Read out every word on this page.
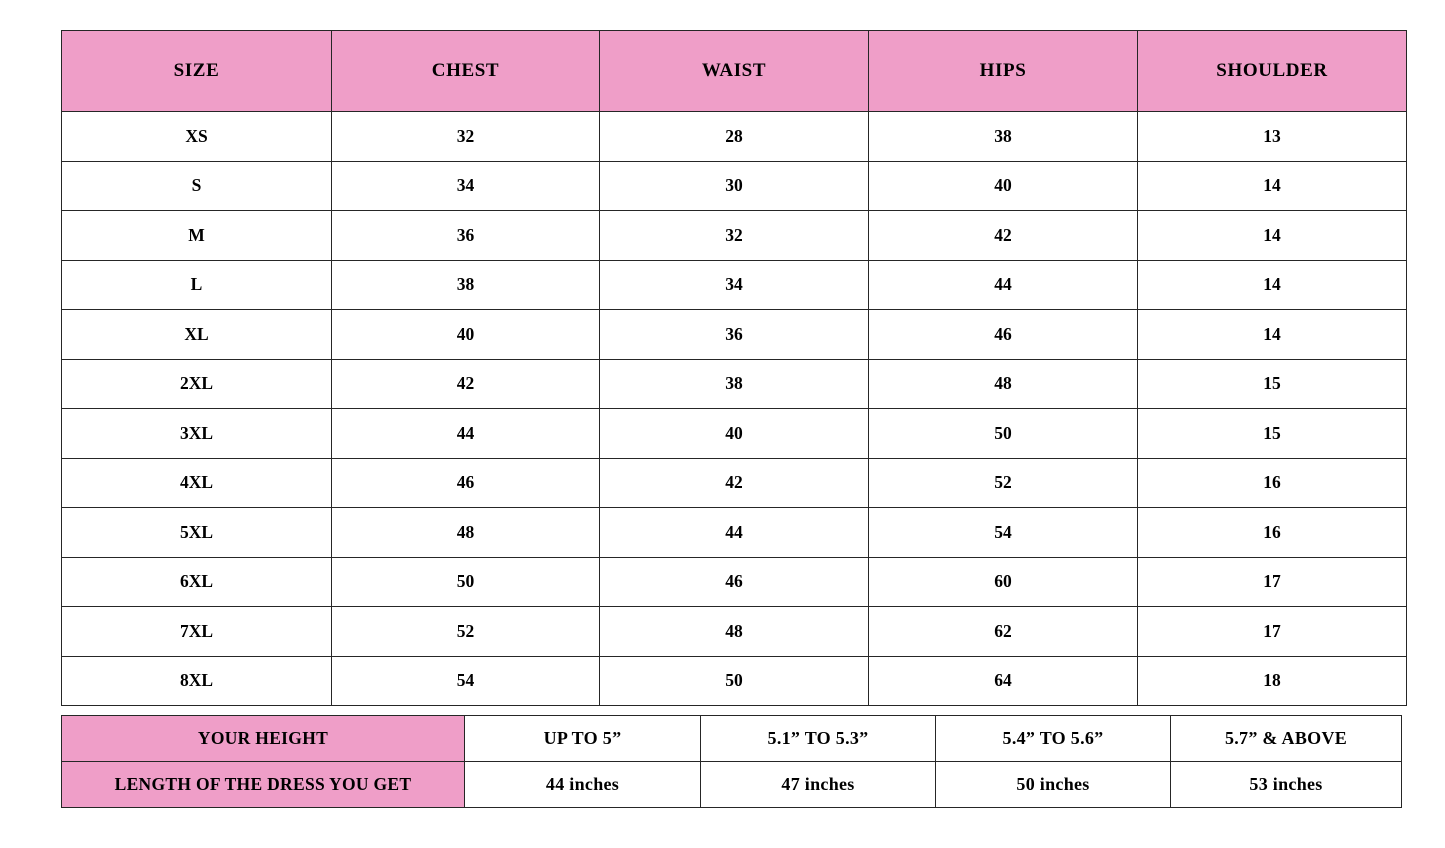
SIZE	CHEST	WAIST	HIPS	SHOULDER
XS	32	28	38	13
S	34	30	40	14
M	36	32	42	14
L	38	34	44	14
XL	40	36	46	14
2XL	42	38	48	15
3XL	44	40	50	15
4XL	46	42	52	16
5XL	48	44	54	16
6XL	50	46	60	17
7XL	52	48	62	17
8XL	54	50	64	18
YOUR HEIGHT	UP TO 5”	5.1” TO 5.3”	5.4” TO 5.6”	5.7” & ABOVE
LENGTH OF THE DRESS YOU GET	44 inches	47 inches	50 inches	53 inches
